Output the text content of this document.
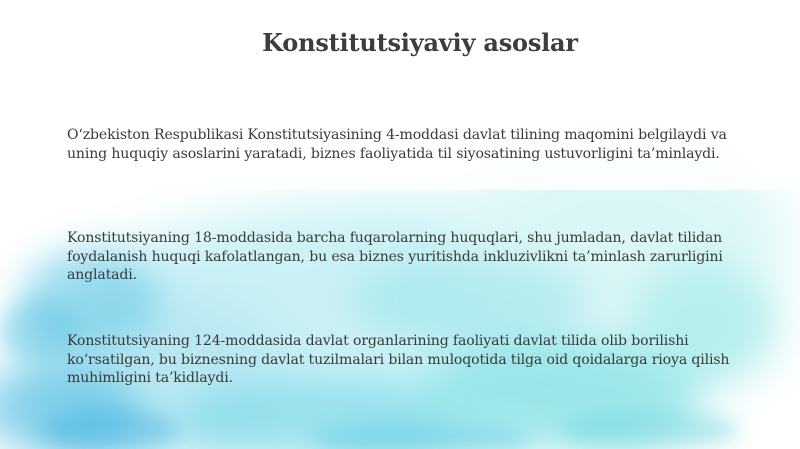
Konstitutsiyaviy asoslar
O‘zbekiston Respublikasi Konstitutsiyasining 4-moddasi davlat tilining maqomini belgilaydi va uning huquqiy asoslarini yaratadi, biznes faoliyatida til siyosatining ustuvorligini ta’minlaydi.
Konstitutsiyaning 18-moddasida barcha fuqarolarning huquqlari, shu jumladan, davlat tilidan foydalanish huquqi kafolatlangan, bu esa biznes yuritishda inkluzivlikni ta’minlash zarurligini anglatadi.
Konstitutsiyaning 124-moddasida davlat organlarining faoliyati davlat tilida olib borilishi ko‘rsatilgan, bu biznesning davlat tuzilmalari bilan muloqotida tilga oid qoidalarga rioya qilish muhimligini ta’kidlaydi.
